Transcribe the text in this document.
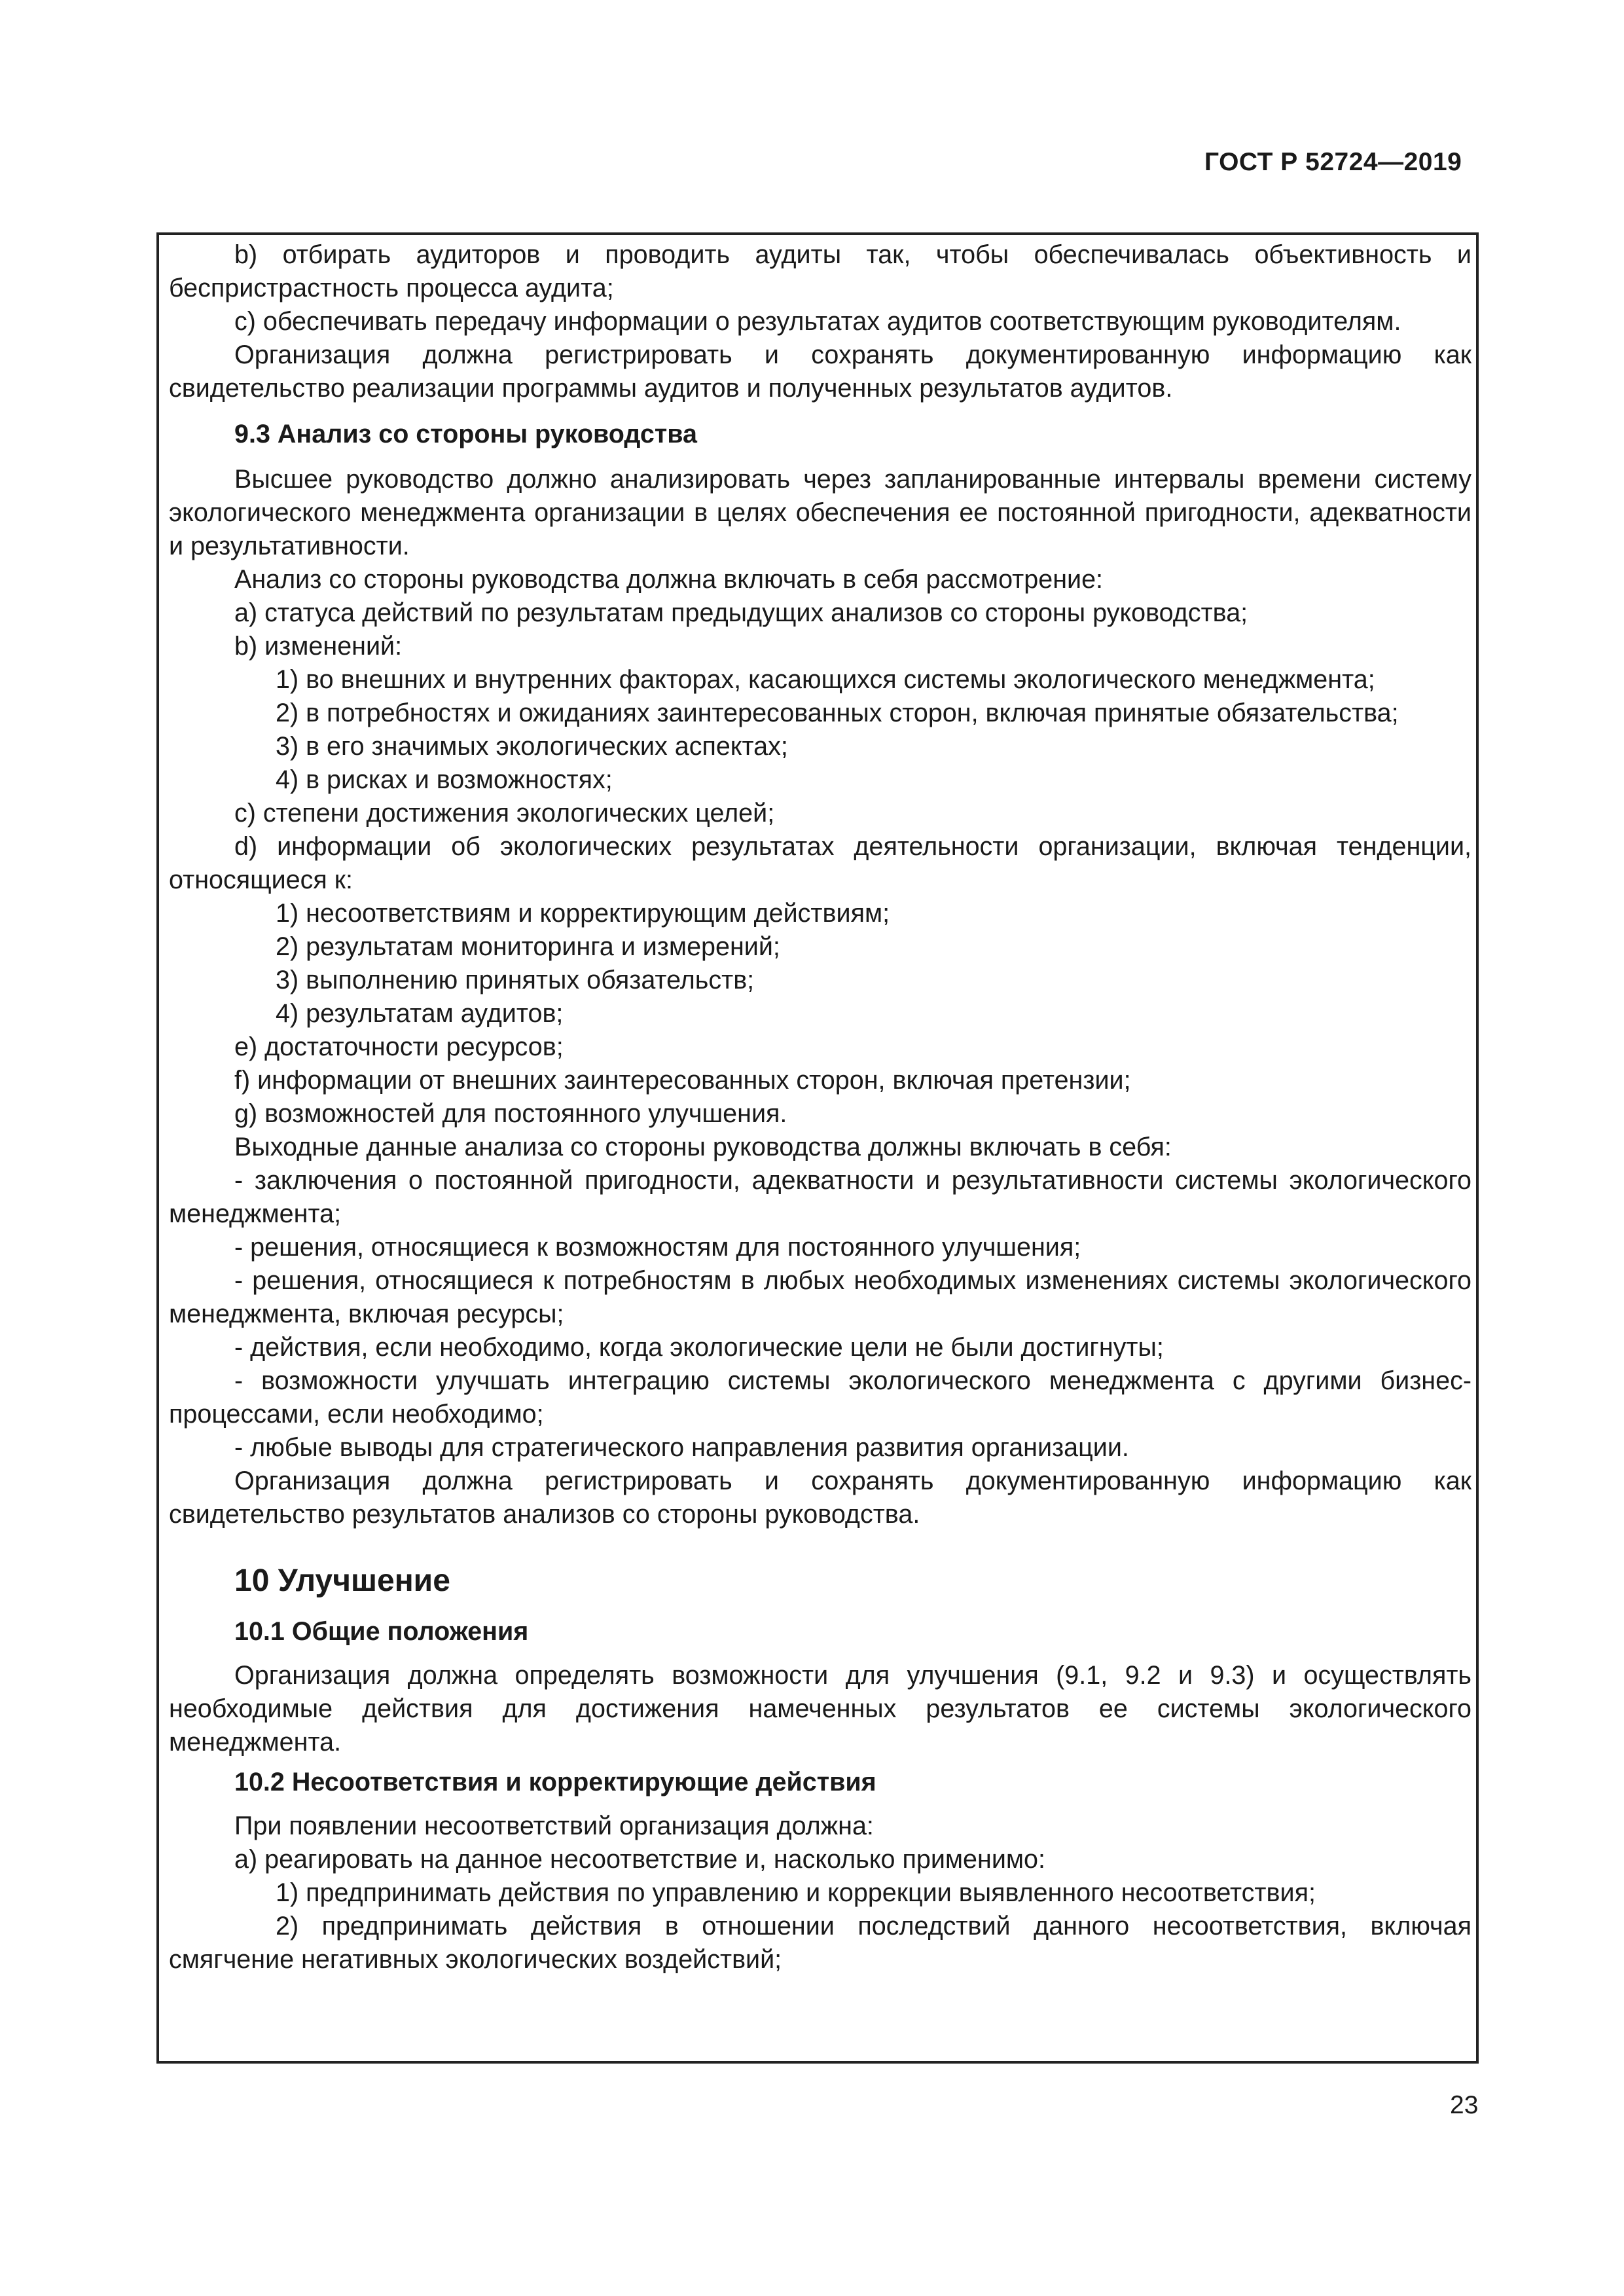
ГОСТ Р 52724—2019

b) отбирать аудиторов и проводить аудиты так, чтобы обеспечивалась объективность и беспристрастность процесса аудита;

с) обеспечивать передачу информации о результатах аудитов соответствующим руководителям.

Организация должна регистрировать и сохранять документированную информацию как свидетельство реализации программы аудитов и полученных результатов аудитов.

9.3 Анализ со стороны руководства

Высшее руководство должно анализировать через запланированные интервалы времени систему экологического менеджмента организации в целях обеспечения ее постоянной пригодности, адекватности и результативности.

Анализ со стороны руководства должна включать в себя рассмотрение:

a) статуса действий по результатам предыдущих анализов со стороны руководства;

b) изменений:

1) во внешних и внутренних факторах, касающихся системы экологического менеджмента;

2) в потребностях и ожиданиях заинтересованных сторон, включая принятые обязательства;

3) в его значимых экологических аспектах;

4) в рисках и возможностях;

с) степени достижения экологических целей;

d) информации об экологических результатах деятельности организации, включая тенденции, относящиеся к:

1) несоответствиям и корректирующим действиям;

2) результатам мониторинга и измерений;

3) выполнению принятых обязательств;

4) результатам аудитов;

e) достаточности ресурсов;

f) информации от внешних заинтересованных сторон, включая претензии;

g) возможностей для постоянного улучшения.

Выходные данные анализа со стороны руководства должны включать в себя:

- заключения о постоянной пригодности, адекватности и результативности системы экологического менеджмента;

- решения, относящиеся к возможностям для постоянного улучшения;

- решения, относящиеся к потребностям в любых необходимых изменениях системы экологического менеджмента, включая ресурсы;

- действия, если необходимо, когда экологические цели не были достигнуты;

- возможности улучшать интеграцию системы экологического менеджмента с другими бизнес-процессами, если необходимо;

- любые выводы для стратегического направления развития организации.

Организация должна регистрировать и сохранять документированную информацию как свидетельство результатов анализов со стороны руководства.

10 Улучшение

10.1 Общие положения

Организация должна определять возможности для улучшения (9.1, 9.2 и 9.3) и осуществлять необходимые действия для достижения намеченных результатов ее системы экологического менеджмента.

10.2 Несоответствия и корректирующие действия

При появлении несоответствий организация должна:

a) реагировать на данное несоответствие и, насколько применимо:

1) предпринимать действия по управлению и коррекции выявленного несоответствия;

2) предпринимать действия в отношении последствий данного несоответствия, включая смягчение негативных экологических воздействий;

23
